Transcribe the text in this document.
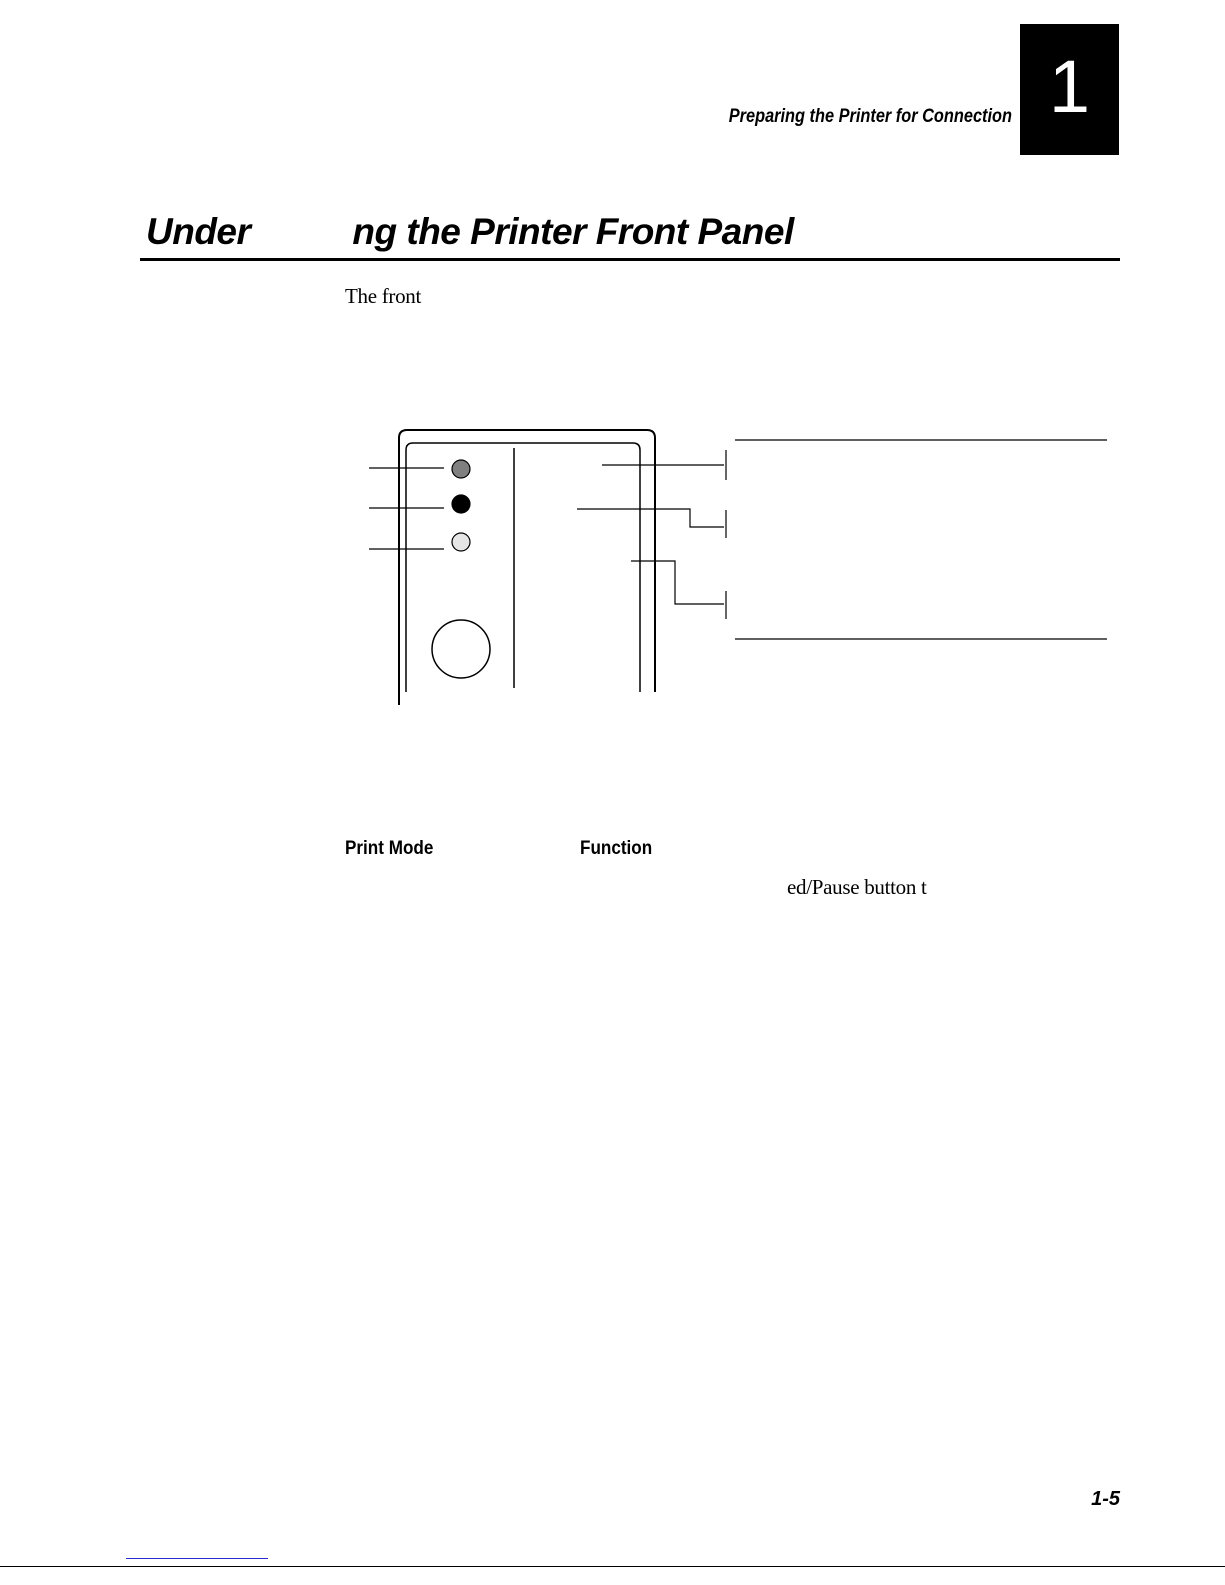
Preparing the Printer for Connection 1
Under	ng the Printer Front Panel
The front
Print Mode	Function
ed/Pause button t
1-5
